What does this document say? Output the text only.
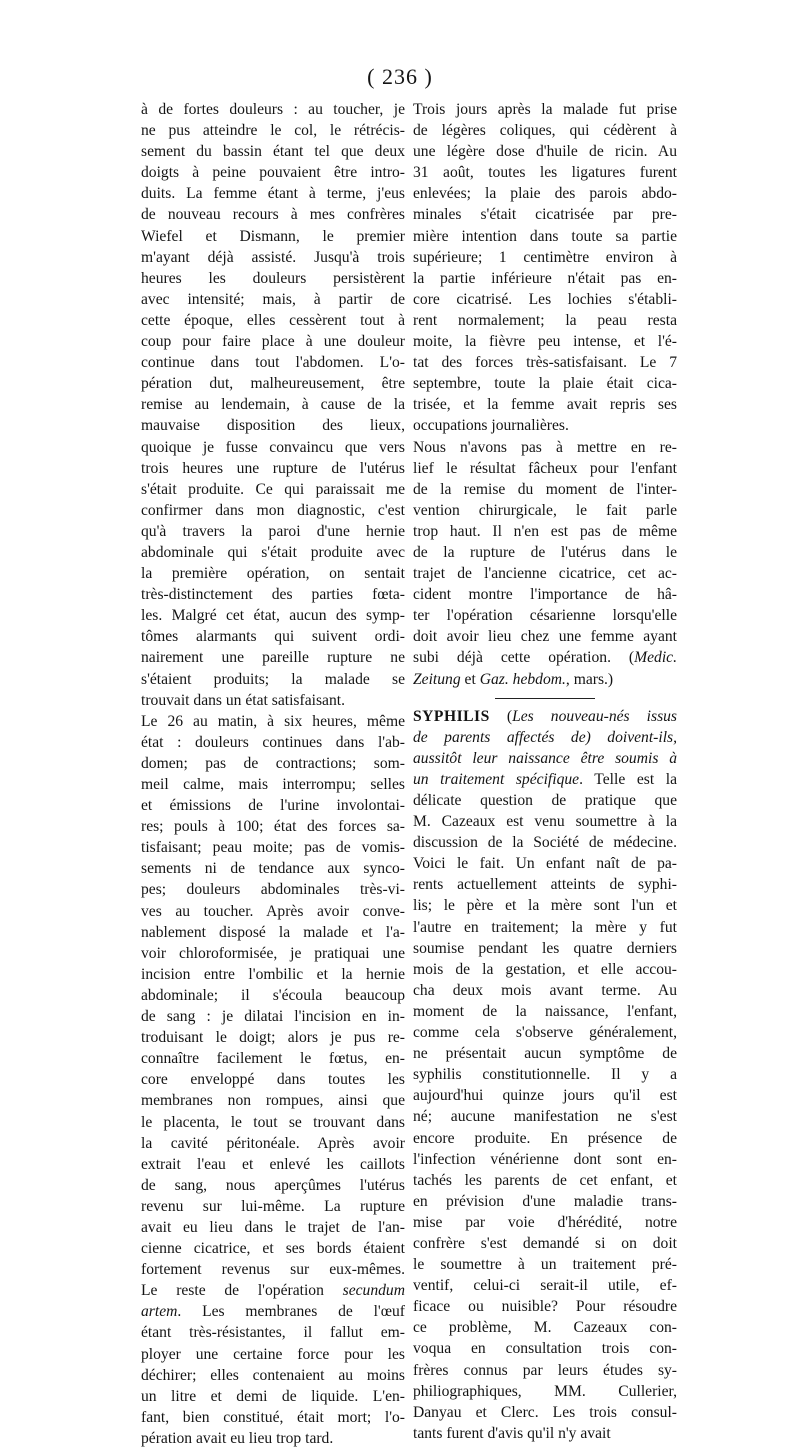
( 236 )
à de fortes douleurs : au toucher, je
ne pus atteindre le col, le rétrécis-
sement du bassin étant tel que deux
doigts à peine pouvaient être intro-
duits. La femme étant à terme, j'eus
de nouveau recours à mes confrères
Wiefel et Dismann, le premier
m'ayant déjà assisté. Jusqu'à trois
heures les douleurs persistèrent
avec intensité; mais, à partir de
cette époque, elles cessèrent tout à
coup pour faire place à une douleur
continue dans tout l'abdomen. L'o-
pération dut, malheureusement, être
remise au lendemain, à cause de la
mauvaise disposition des lieux,
quoique je fusse convaincu que vers
trois heures une rupture de l'utérus
s'était produite. Ce qui paraissait me
confirmer dans mon diagnostic, c'est
qu'à travers la paroi d'une hernie
abdominale qui s'était produite avec
la première opération, on sentait
très-distinctement des parties fœta-
les. Malgré cet état, aucun des symp-
tômes alarmants qui suivent ordi-
nairement une pareille rupture ne
s'étaient produits; la malade se
trouvait dans un état satisfaisant.
Le 26 au matin, à six heures, même
état : douleurs continues dans l'ab-
domen; pas de contractions; som-
meil calme, mais interrompu; selles
et émissions de l'urine involontai-
res; pouls à 100; état des forces sa-
tisfaisant; peau moite; pas de vomis-
sements ni de tendance aux synco-
pes; douleurs abdominales très-vi-
ves au toucher. Après avoir conve-
nablement disposé la malade et l'a-
voir chloroformisée, je pratiquai une
incision entre l'ombilic et la hernie
abdominale; il s'écoula beaucoup
de sang : je dilatai l'incision en in-
troduisant le doigt; alors je pus re-
connaître facilement le fœtus, en-
core enveloppé dans toutes les
membranes non rompues, ainsi que
le placenta, le tout se trouvant dans
la cavité péritonéale. Après avoir
extrait l'eau et enlevé les caillots
de sang, nous aperçûmes l'utérus
revenu sur lui-même. La rupture
avait eu lieu dans le trajet de l'an-
cienne cicatrice, et ses bords étaient
fortement revenus sur eux-mêmes.
Le reste de l'opération secundum
artem. Les membranes de l'œuf
étant très-résistantes, il fallut em-
ployer une certaine force pour les
déchirer; elles contenaient au moins
un litre et demi de liquide. L'en-
fant, bien constitué, était mort; l'o-
pération avait eu lieu trop tard.
Trois jours après la malade fut prise
de légères coliques, qui cédèrent à
une légère dose d'huile de ricin. Au
31 août, toutes les ligatures furent
enlevées; la plaie des parois abdo-
minales s'était cicatrisée par pre-
mière intention dans toute sa partie
supérieure; 1 centimètre environ à
la partie inférieure n'était pas en-
core cicatrisé. Les lochies s'établi-
rent normalement; la peau resta
moite, la fièvre peu intense, et l'é-
tat des forces très-satisfaisant. Le 7
septembre, toute la plaie était cica-
trisée, et la femme avait repris ses
occupations journalières.
Nous n'avons pas à mettre en re-
lief le résultat fâcheux pour l'enfant
de la remise du moment de l'inter-
vention chirurgicale, le fait parle
trop haut. Il n'en est pas de même
de la rupture de l'utérus dans le
trajet de l'ancienne cicatrice, cet ac-
cident montre l'importance de hâ-
ter l'opération césarienne lorsqu'elle
doit avoir lieu chez une femme ayant
subi déjà cette opération. (Medic.
Zeitung et Gaz. hebdom., mars.)
SYPHILIS (Les nouveau-nés issus
de parents affectés de) doivent-ils,
aussitôt leur naissance être soumis à
un traitement spécifique. Telle est la
délicate question de pratique que
M. Cazeaux est venu soumettre à la
discussion de la Société de médecine.
Voici le fait. Un enfant naît de pa-
rents actuellement atteints de syphi-
lis; le père et la mère sont l'un et
l'autre en traitement; la mère y fut
soumise pendant les quatre derniers
mois de la gestation, et elle accou-
cha deux mois avant terme. Au
moment de la naissance, l'enfant,
comme cela s'observe généralement,
ne présentait aucun symptôme de
syphilis constitutionnelle. Il y a
aujourd'hui quinze jours qu'il est
né; aucune manifestation ne s'est
encore produite. En présence de
l'infection vénérienne dont sont en-
tachés les parents de cet enfant, et
en prévision d'une maladie trans-
mise par voie d'hérédité, notre
confrère s'est demandé si on doit
le soumettre à un traitement pré-
ventif, celui-ci serait-il utile, ef-
ficace ou nuisible? Pour résoudre
ce problème, M. Cazeaux con-
voqua en consultation trois con-
frères connus par leurs études sy-
philiographiques, MM. Cullerier,
Danyau et Clerc. Les trois consul-
tants furent d'avis qu'il n'y avait
